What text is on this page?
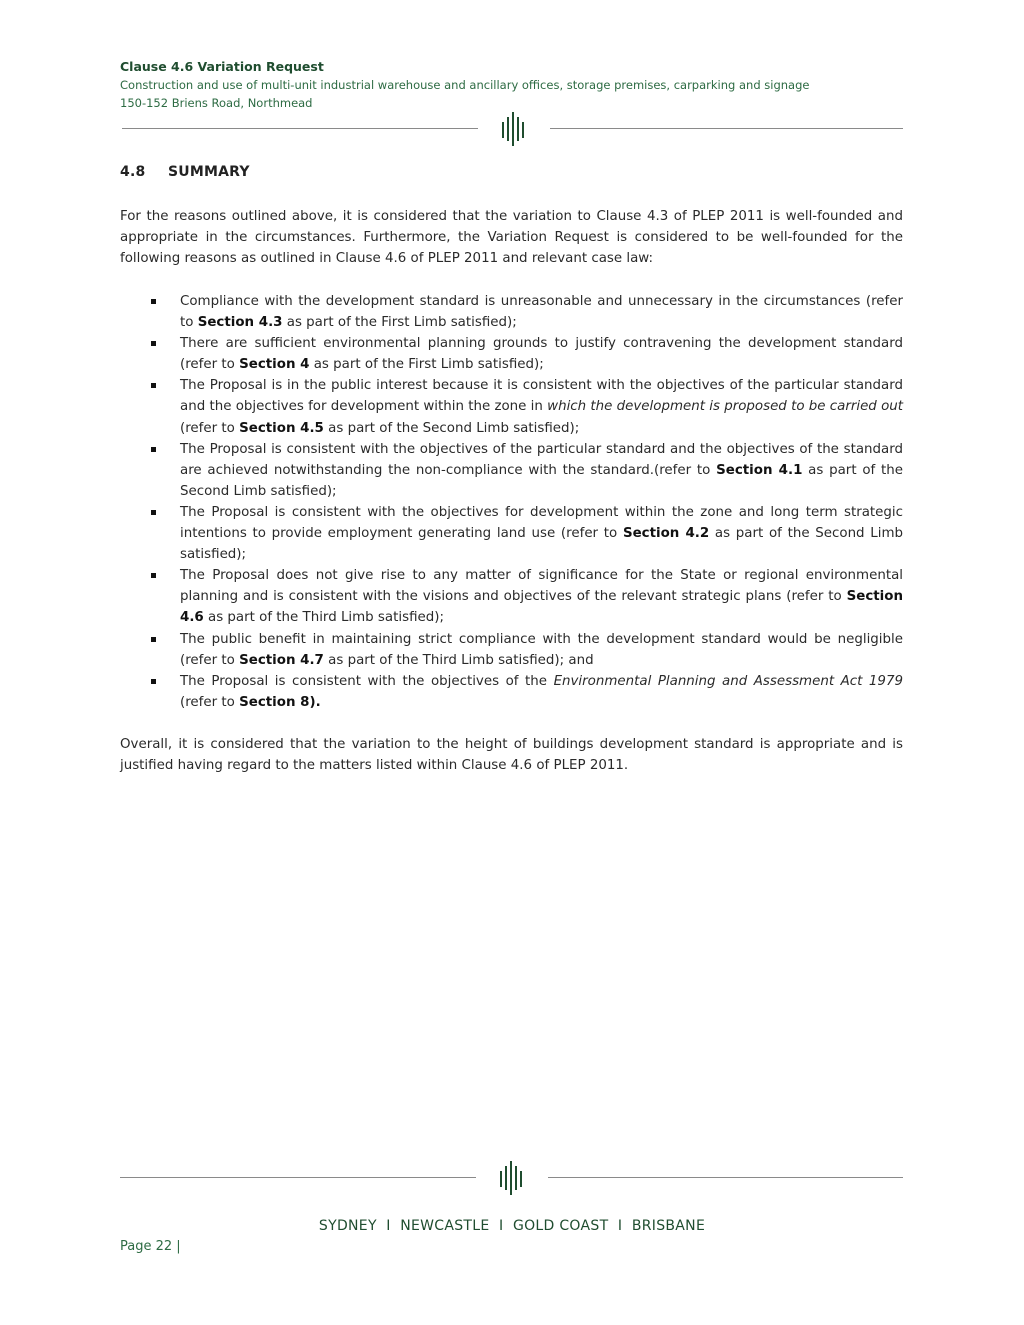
Clause 4.6 Variation Request
Construction and use of multi-unit industrial warehouse and ancillary offices, storage premises, carparking and signage
150-152 Briens Road, Northmead
4.8 SUMMARY

For the reasons outlined above, it is considered that the variation to Clause 4.3 of PLEP 2011 is well-founded and appropriate in the circumstances. Furthermore, the Variation Request is considered to be well-founded for the following reasons as outlined in Clause 4.6 of PLEP 2011 and relevant case law:

Compliance with the development standard is unreasonable and unnecessary in the circumstances (refer to Section 4.3 as part of the First Limb satisfied);
There are sufficient environmental planning grounds to justify contravening the development standard (refer to Section 4 as part of the First Limb satisfied);
The Proposal is in the public interest because it is consistent with the objectives of the particular standard and the objectives for development within the zone in which the development is proposed to be carried out (refer to Section 4.5 as part of the Second Limb satisfied);
The Proposal is consistent with the objectives of the particular standard and the objectives of the standard are achieved notwithstanding the non-compliance with the standard.(refer to Section 4.1 as part of the Second Limb satisfied);
The Proposal is consistent with the objectives for development within the zone and long term strategic intentions to provide employment generating land use (refer to Section 4.2 as part of the Second Limb satisfied);
The Proposal does not give rise to any matter of significance for the State or regional environmental planning and is consistent with the visions and objectives of the relevant strategic plans (refer to Section 4.6 as part of the Third Limb satisfied);
The public benefit in maintaining strict compliance with the development standard would be negligible (refer to Section 4.7 as part of the Third Limb satisfied); and
The Proposal is consistent with the objectives of the Environmental Planning and Assessment Act 1979 (refer to Section 8).

Overall, it is considered that the variation to the height of buildings development standard is appropriate and is justified having regard to the matters listed within Clause 4.6 of PLEP 2011.

SYDNEY  I  NEWCASTLE  I  GOLD COAST  I  BRISBANE
Page 22 |
